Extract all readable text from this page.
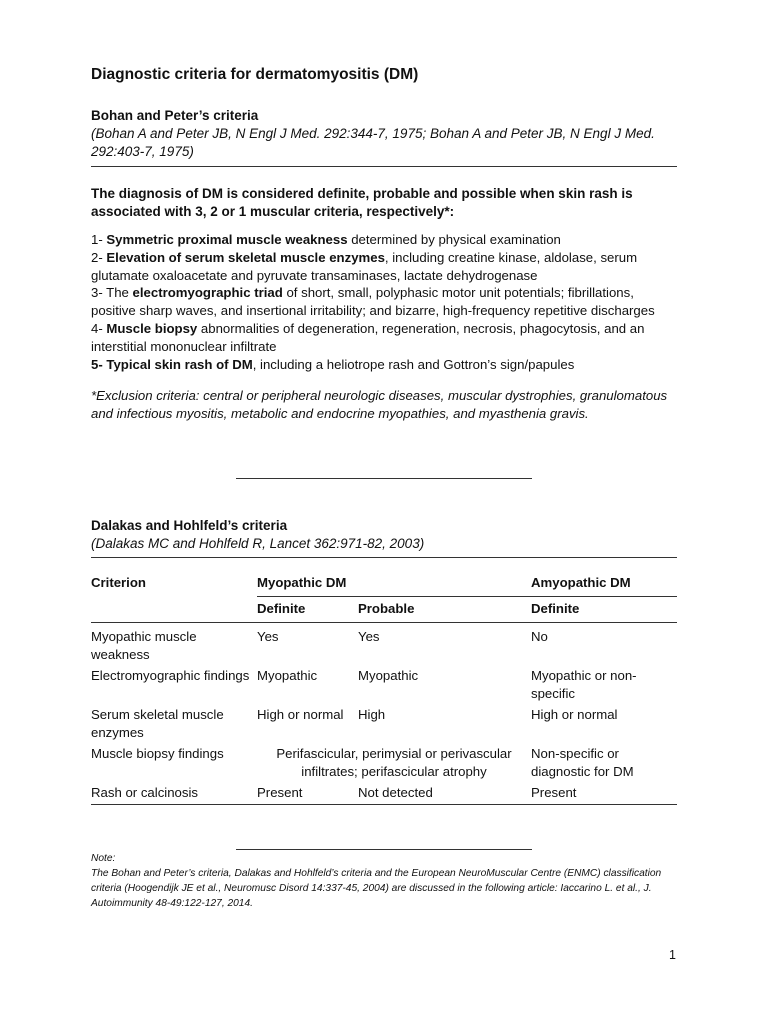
Diagnostic criteria for dermatomyositis (DM)

Bohan and Peter’s criteria

(Bohan A and Peter JB, N Engl J Med. 292:344-7, 1975; Bohan A and Peter JB, N Engl J Med. 292:403-7, 1975)

The diagnosis of DM is considered definite, probable and possible when skin rash is associated with 3, 2 or 1 muscular criteria, respectively*:

1- Symmetric proximal muscle weakness determined by physical examination

2- Elevation of serum skeletal muscle enzymes, including creatine kinase, aldolase, serum glutamate oxaloacetate and pyruvate transaminases, lactate dehydrogenase

3- The electromyographic triad of short, small, polyphasic motor unit potentials; fibrillations, positive sharp waves, and insertional irritability; and bizarre, high-frequency repetitive discharges

4- Muscle biopsy abnormalities of degeneration, regeneration, necrosis, phagocytosis, and an interstitial mononuclear infiltrate

5- Typical skin rash of DM, including a heliotrope rash and Gottron’s sign/papules

*Exclusion criteria: central or peripheral neurologic diseases, muscular dystrophies, granulomatous and infectious myositis, metabolic and endocrine myopathies, and myasthenia gravis.

Dalakas and Hohlfeld’s criteria

(Dalakas MC and Hohlfeld R, Lancet 362:971-82, 2003)

Criterion	Myopathic DM		Amyopathic DM
	Definite	Probable	Definite
Myopathic muscle weakness	Yes	Yes	No
Electromyographic findings	Myopathic	Myopathic	Myopathic or non-specific
Serum skeletal muscle enzymes	High or normal	High	High or normal
Muscle biopsy findings	Perifascicular, perimysial or perivascular infiltrates; perifascicular atrophy		Non-specific or diagnostic for DM
Rash or calcinosis	Present	Not detected	Present
Note:
The Bohan and Peter’s criteria, Dalakas and Hohlfeld’s criteria and the European NeuroMuscular Centre (ENMC) classification criteria (Hoogendijk JE et al., Neuromusc Disord 14:337-45, 2004) are discussed in the following article: Iaccarino L. et al., J. Autoimmunity 48-49:122-127, 2014.
1
